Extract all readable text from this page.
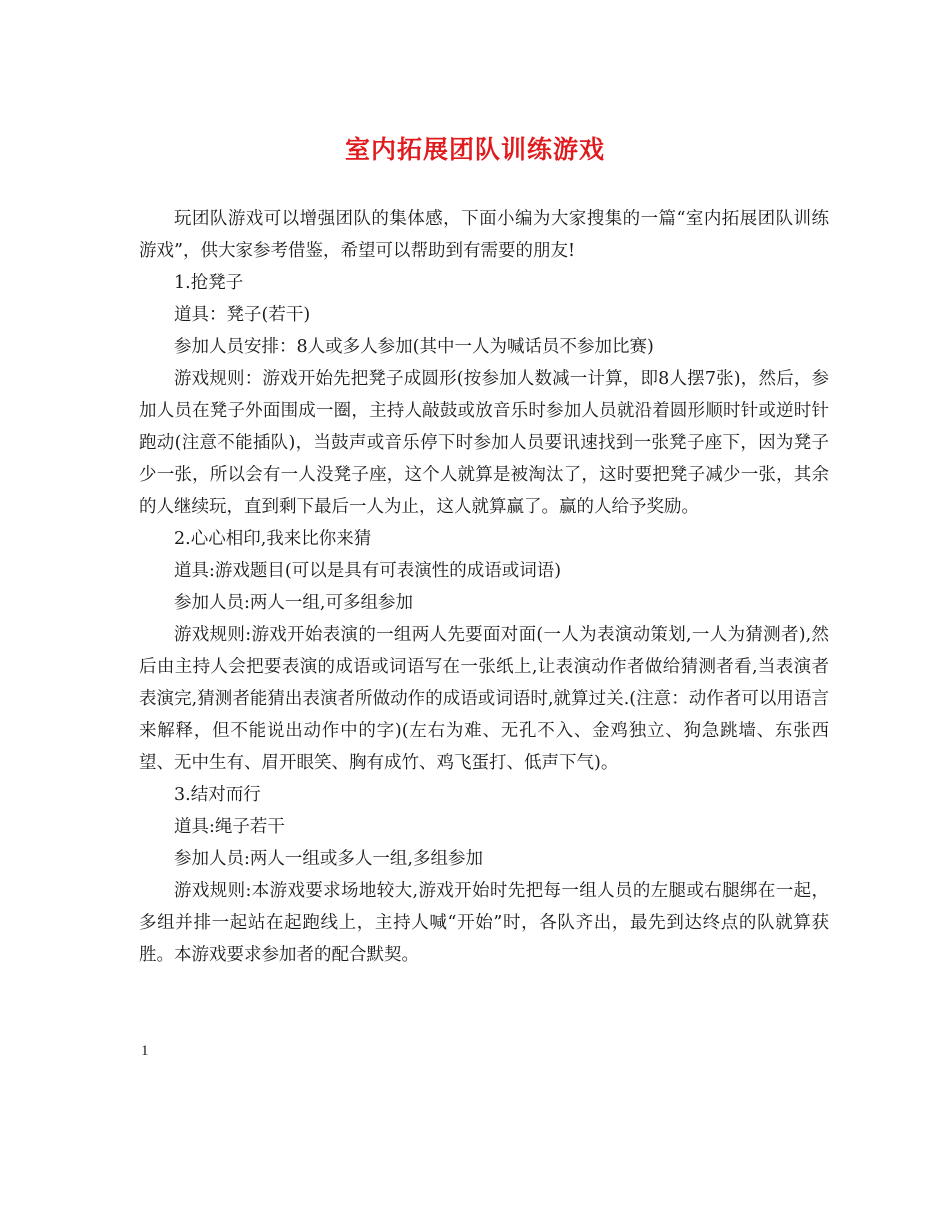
室内拓展团队训练游戏

玩团队游戏可以增强团队的集体感，下面小编为大家搜集的一篇“室内拓展团队训练游戏”，供大家参考借鉴，希望可以帮助到有需要的朋友!

1.抢凳子

道具：凳子(若干)

参加人员安排：8人或多人参加(其中一人为喊话员不参加比赛)

游戏规则：游戏开始先把凳子成圆形(按参加人数减一计算，即8人摆7张)，然后，参加人员在凳子外面围成一圈，主持人敲鼓或放音乐时参加人员就沿着圆形顺时针或逆时针跑动(注意不能插队)，当鼓声或音乐停下时参加人员要讯速找到一张凳子座下，因为凳子少一张，所以会有一人没凳子座，这个人就算是被淘汰了，这时要把凳子减少一张，其余的人继续玩，直到剩下最后一人为止，这人就算赢了。赢的人给予奖励。

2.心心相印,我来比你来猜

道具:游戏题目(可以是具有可表演性的成语或词语)

参加人员:两人一组,可多组参加

游戏规则:游戏开始表演的一组两人先要面对面(一人为表演动策划,一人为猜测者),然后由主持人会把要表演的成语或词语写在一张纸上,让表演动作者做给猜测者看,当表演者表演完,猜测者能猜出表演者所做动作的成语或词语时,就算过关.(注意：动作者可以用语言来解释，但不能说出动作中的字)(左右为难、无孔不入、金鸡独立、狗急跳墙、东张西望、无中生有、眉开眼笑、胸有成竹、鸡飞蛋打、低声下气)。

3.结对而行

道具:绳子若干

参加人员:两人一组或多人一组,多组参加

游戏规则:本游戏要求场地较大,游戏开始时先把每一组人员的左腿或右腿绑在一起，多组并排一起站在起跑线上，主持人喊“开始”时，各队齐出，最先到达终点的队就算获胜。本游戏要求参加者的配合默契。

1
